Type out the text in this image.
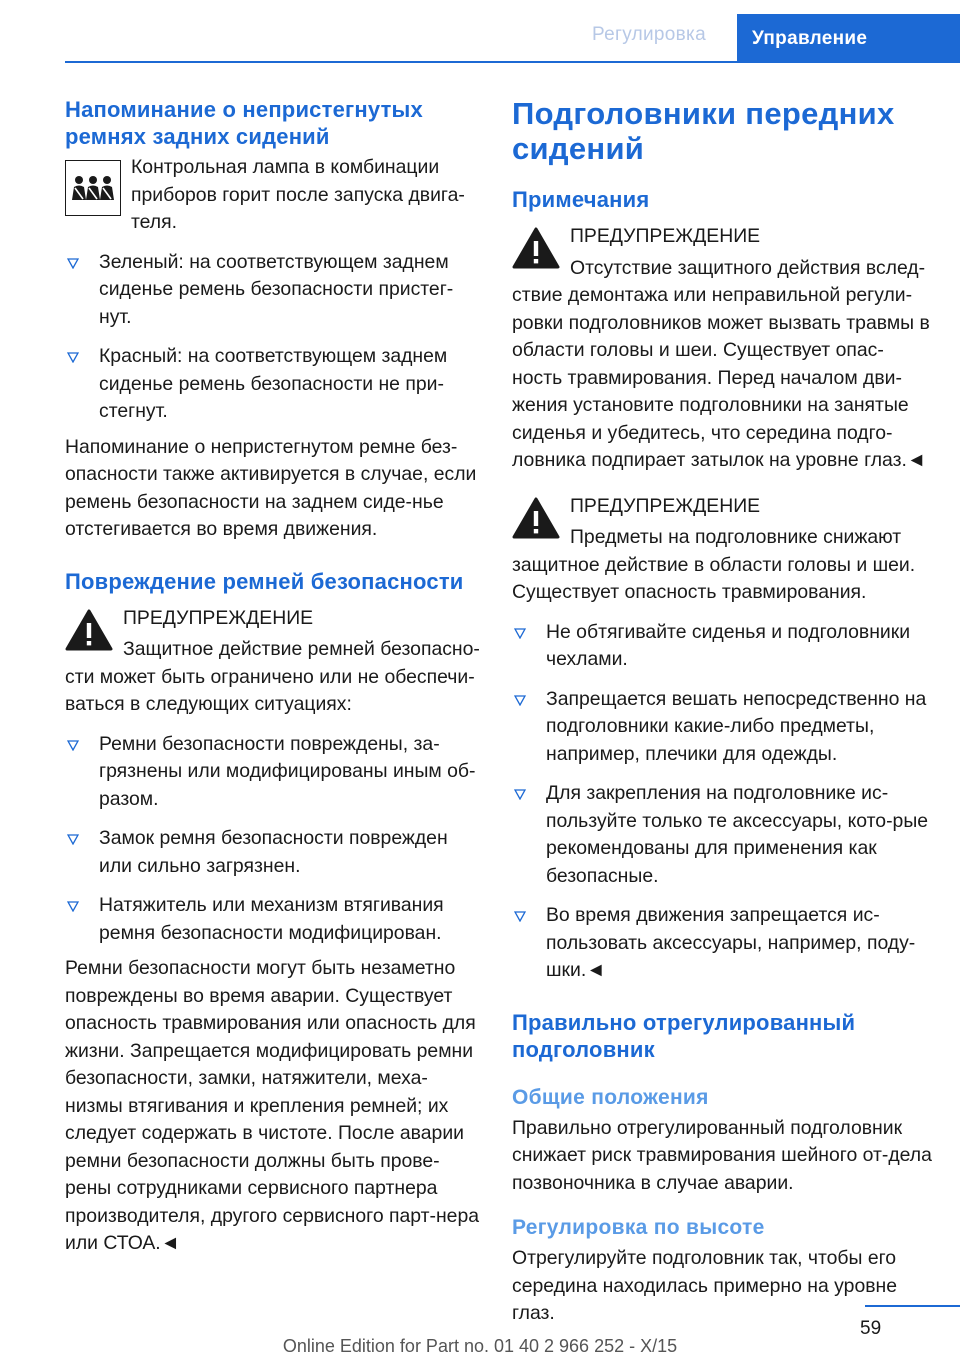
Регулировка	Управление
Напоминание о непристегнутых ремнях задних сидений

Контрольная лампа в комбинации приборов горит после запуска двига-теля.

Зеленый: на соответствующем заднем сиденье ремень безопасности пристег-нут.
Красный: на соответствующем заднем сиденье ремень безопасности не при-стегнут.

Напоминание о непристегнутом ремне без-опасности также активируется в случае, если ремень безопасности на заднем сиде-нье отстегивается во время движения.

Повреждение ремней безопасности

ПРЕДУПРЕЖДЕНИЕ

Защитное действие ремней безопасно-сти может быть ограничено или не обеспечи-ваться в следующих ситуациях:

Ремни безопасности повреждены, за-грязнены или модифицированы иным об-разом.
Замок ремня безопасности поврежден или сильно загрязнен.
Натяжитель или механизм втягивания ремня безопасности модифицирован.

Ремни безопасности могут быть незаметно повреждены во время аварии. Существует опасность травмирования или опасность для жизни. Запрещается модифицировать ремни безопасности, замки, натяжители, меха-низмы втягивания и крепления ремней; их следует содержать в чистоте. После аварии ремни безопасности должны быть прове-рены сотрудниками сервисного партнера производителя, другого сервисного парт-нера или СТОА.◄

Подголовники передних сидений
Примечания

ПРЕДУПРЕЖДЕНИЕ

Отсутствие защитного действия вслед-ствие демонтажа или неправильной регули-ровки подголовников может вызвать травмы в области головы и шеи. Существует опас-ность травмирования. Перед началом дви-жения установите подголовники на занятые сиденья и убедитесь, что середина подго-ловника подпирает затылок на уровне глаз.◄

ПРЕДУПРЕЖДЕНИЕ

Предметы на подголовнике снижают защитное действие в области головы и шеи. Существует опасность травмирования.

Не обтягивайте сиденья и подголовники чехлами.
Запрещается вешать непосредственно на подголовники какие-либо предметы, например, плечики для одежды.
Для закрепления на подголовнике ис-пользуйте только те аксессуары, кото-рые рекомендованы для применения как безопасные.
Во время движения запрещается ис-пользовать аксессуары, например, поду-шки.◄
Правильно отрегулированный подголовник
Общие положения

Правильно отрегулированный подголовник снижает риск травмирования шейного от-дела позвоночника в случае аварии.

Регулировка по высоте

Отрегулируйте подголовник так, чтобы его середина находилась примерно на уровне глаз.

59
Online Edition for Part no. 01 40 2 966 252 - X/15
